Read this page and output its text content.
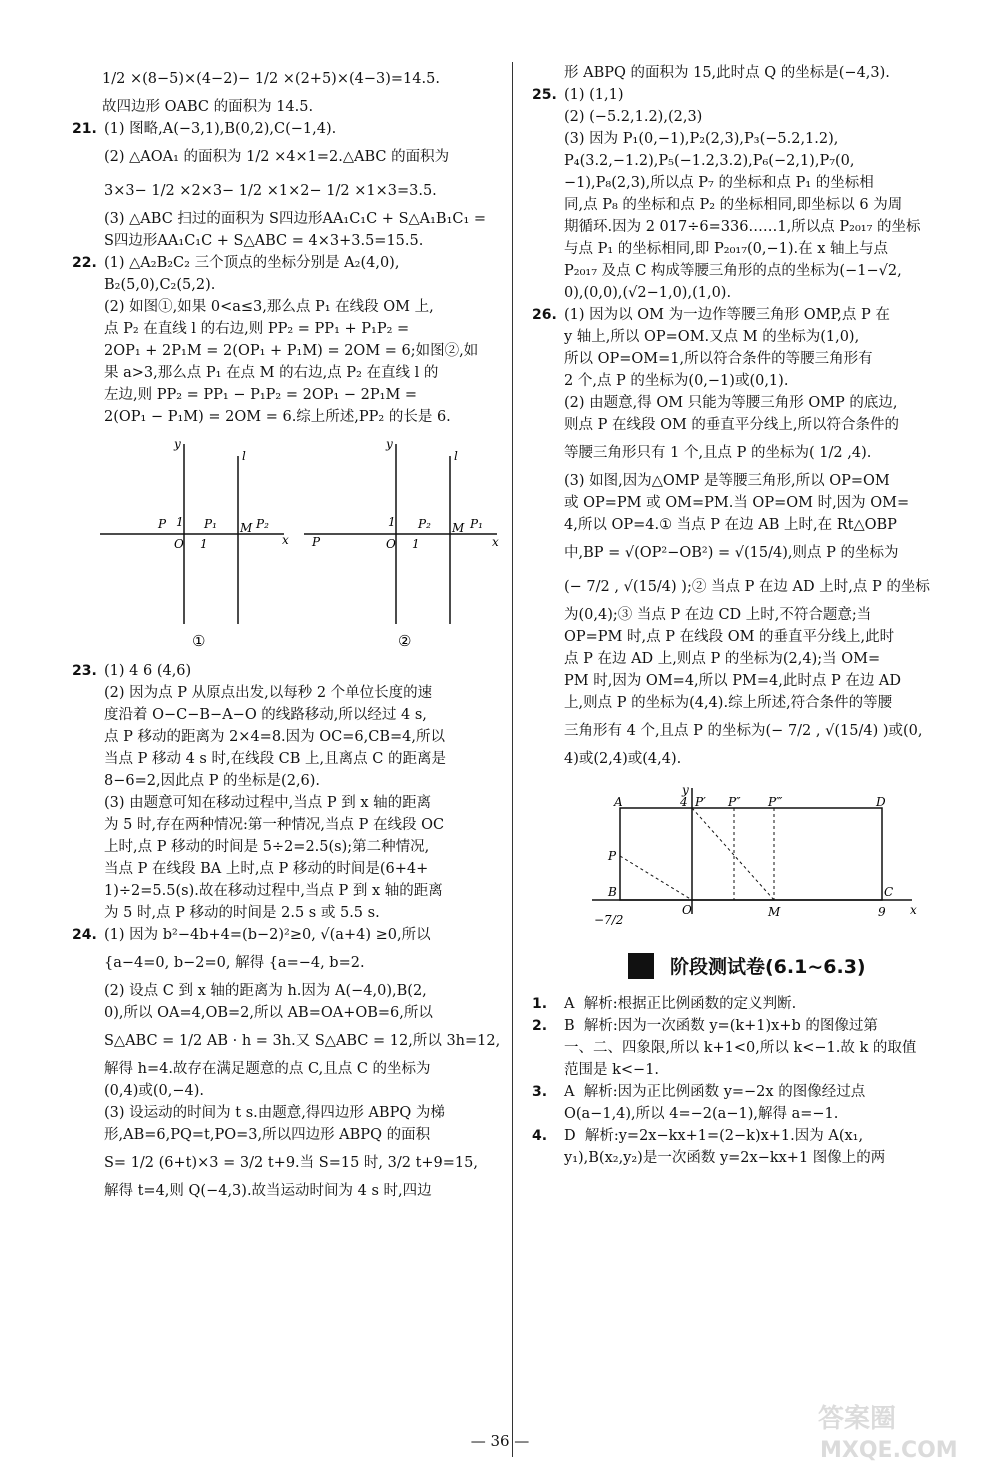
1/2 ×(8−5)×(4−2)− 1/2 ×(2+5)×(4−3)=14.5.

故四边形 OABC 的面积为 14.5.

21. (1) 图略,A(−3,1),B(0,2),C(−1,4).

(2) △AOA₁ 的面积为 1/2 ×4×1=2.△ABC 的面积为

3×3− 1/2 ×2×3− 1/2 ×1×2− 1/2 ×1×3=3.5.

(3) △ABC 扫过的面积为 S四边形AA₁C₁C + S△A₁B₁C₁ =

S四边形AA₁C₁C + S△ABC = 4×3+3.5=15.5.

22. (1) △A₂B₂C₂ 三个顶点的坐标分别是 A₂(4,0),

B₂(5,0),C₂(5,2).

(2) 如图①,如果 0<a≤3,那么点 P₁ 在线段 OM 上,

点 P₂ 在直线 l 的右边,则 PP₂ = PP₁ + P₁P₂ =

2OP₁ + 2P₁M = 2(OP₁ + P₁M) = 2OM = 6;如图②,如

果 a>3,那么点 P₁ 在点 M 的右边,点 P₂ 在直线 l 的

左边,则 PP₂ = PP₁ − P₁P₂ = 2OP₁ − 2P₁M =

2(OP₁ − P₁M) = 2OM = 6.综上所述,PP₂ 的长是 6.

y
l
P 1
O 1
P₁ M P₂
x
①
y
l
P
1
O 1
P₂ M P₁
x
②

23. (1) 4 6 (4,6)

(2) 因为点 P 从原点出发,以每秒 2 个单位长度的速

度沿着 O−C−B−A−O 的线路移动,所以经过 4 s,

点 P 移动的距离为 2×4=8.因为 OC=6,CB=4,所以

当点 P 移动 4 s 时,在线段 CB 上,且离点 C 的距离是

8−6=2,因此点 P 的坐标是(2,6).

(3) 由题意可知在移动过程中,当点 P 到 x 轴的距离

为 5 时,存在两种情况:第一种情况,当点 P 在线段 OC

上时,点 P 移动的时间是 5÷2=2.5(s);第二种情况,

当点 P 在线段 BA 上时,点 P 移动的时间是(6+4+

1)÷2=5.5(s).故在移动过程中,当点 P 到 x 轴的距离

为 5 时,点 P 移动的时间是 2.5 s 或 5.5 s.

24. (1) 因为 b²−4b+4=(b−2)²≥0, √(a+4) ≥0,所以

{a−4=0, b−2=0, 解得 {a=−4, b=2.

(2) 设点 C 到 x 轴的距离为 h.因为 A(−4,0),B(2,

0),所以 OA=4,OB=2,所以 AB=OA+OB=6,所以

S△ABC = 1/2 AB · h = 3h.又 S△ABC = 12,所以 3h=12,

解得 h=4.故存在满足题意的点 C,且点 C 的坐标为

(0,4)或(0,−4).

(3) 设运动的时间为 t s.由题意,得四边形 ABPQ 为梯

形,AB=6,PQ=t,PO=3,所以四边形 ABPQ 的面积

S= 1/2 (6+t)×3 = 3/2 t+9.当 S=15 时, 3/2 t+9=15,

解得 t=4,则 Q(−4,3).故当运动时间为 4 s 时,四边

形 ABPQ 的面积为 15,此时点 Q 的坐标是(−4,3).

25. (1) (1,1)

(2) (−5.2,1.2),(2,3)

(3) 因为 P₁(0,−1),P₂(2,3),P₃(−5.2,1.2),

P₄(3.2,−1.2),P₅(−1.2,3.2),P₆(−2,1),P₇(0,

−1),P₈(2,3),所以点 P₇ 的坐标和点 P₁ 的坐标相

同,点 P₈ 的坐标和点 P₂ 的坐标相同,即坐标以 6 为周

期循环.因为 2 017÷6=336……1,所以点 P₂₀₁₇ 的坐标

与点 P₁ 的坐标相同,即 P₂₀₁₇(0,−1).在 x 轴上与点

P₂₀₁₇ 及点 C 构成等腰三角形的点的坐标为(−1−√2,

0),(0,0),(√2−1,0),(1,0).

26. (1) 因为以 OM 为一边作等腰三角形 OMP,点 P 在

y 轴上,所以 OP=OM.又点 M 的坐标为(1,0),

所以 OP=OM=1,所以符合条件的等腰三角形有

2 个,点 P 的坐标为(0,−1)或(0,1).

(2) 由题意,得 OM 只能为等腰三角形 OMP 的底边,

则点 P 在线段 OM 的垂直平分线上,所以符合条件的

等腰三角形只有 1 个,且点 P 的坐标为( 1/2 ,4).

(3) 如图,因为△OMP 是等腰三角形,所以 OP=OM

或 OP=PM 或 OM=PM.当 OP=OM 时,因为 OM=

4,所以 OP=4.① 当点 P 在边 AB 上时,在 Rt△OBP

中,BP = √(OP²−OB²) = √(15/4),则点 P 的坐标为

(− 7/2 , √(15/4) );② 当点 P 在边 AD 上时,点 P 的坐标

为(0,4);③ 当点 P 在边 CD 上时,不符合题意;当

OP=PM 时,点 P 在线段 OM 的垂直平分线上,此时

点 P 在边 AD 上,则点 P 的坐标为(2,4);当 OM=

PM 时,因为 OM=4,所以 PM=4,此时点 P 在边 AD

上,则点 P 的坐标为(4,4).综上所述,符合条件的等腰

三角形有 4 个,且点 P 的坐标为(− 7/2 , √(15/4) )或(0,

4)或(2,4)或(4,4).

y
4 P′ P″ P‴
A	D
P
B	C
O	M	9 x
−7/2
阶段测试卷(6.1~6.3)

1. A 解析:根据正比例函数的定义判断.

2. B 解析:因为一次函数 y=(k+1)x+b 的图像过第

一、二、四象限,所以 k+1<0,所以 k<−1.故 k 的取值

范围是 k<−1.

3. A 解析:因为正比例函数 y=−2x 的图像经过点

O(a−1,4),所以 4=−2(a−1),解得 a=−1.

4. D 解析:y=2x−kx+1=(2−k)x+1.因为 A(x₁,

y₁),B(x₂,y₂)是一次函数 y=2x−kx+1 图像上的两

— 36 —
答案圈
MXQE.COM
